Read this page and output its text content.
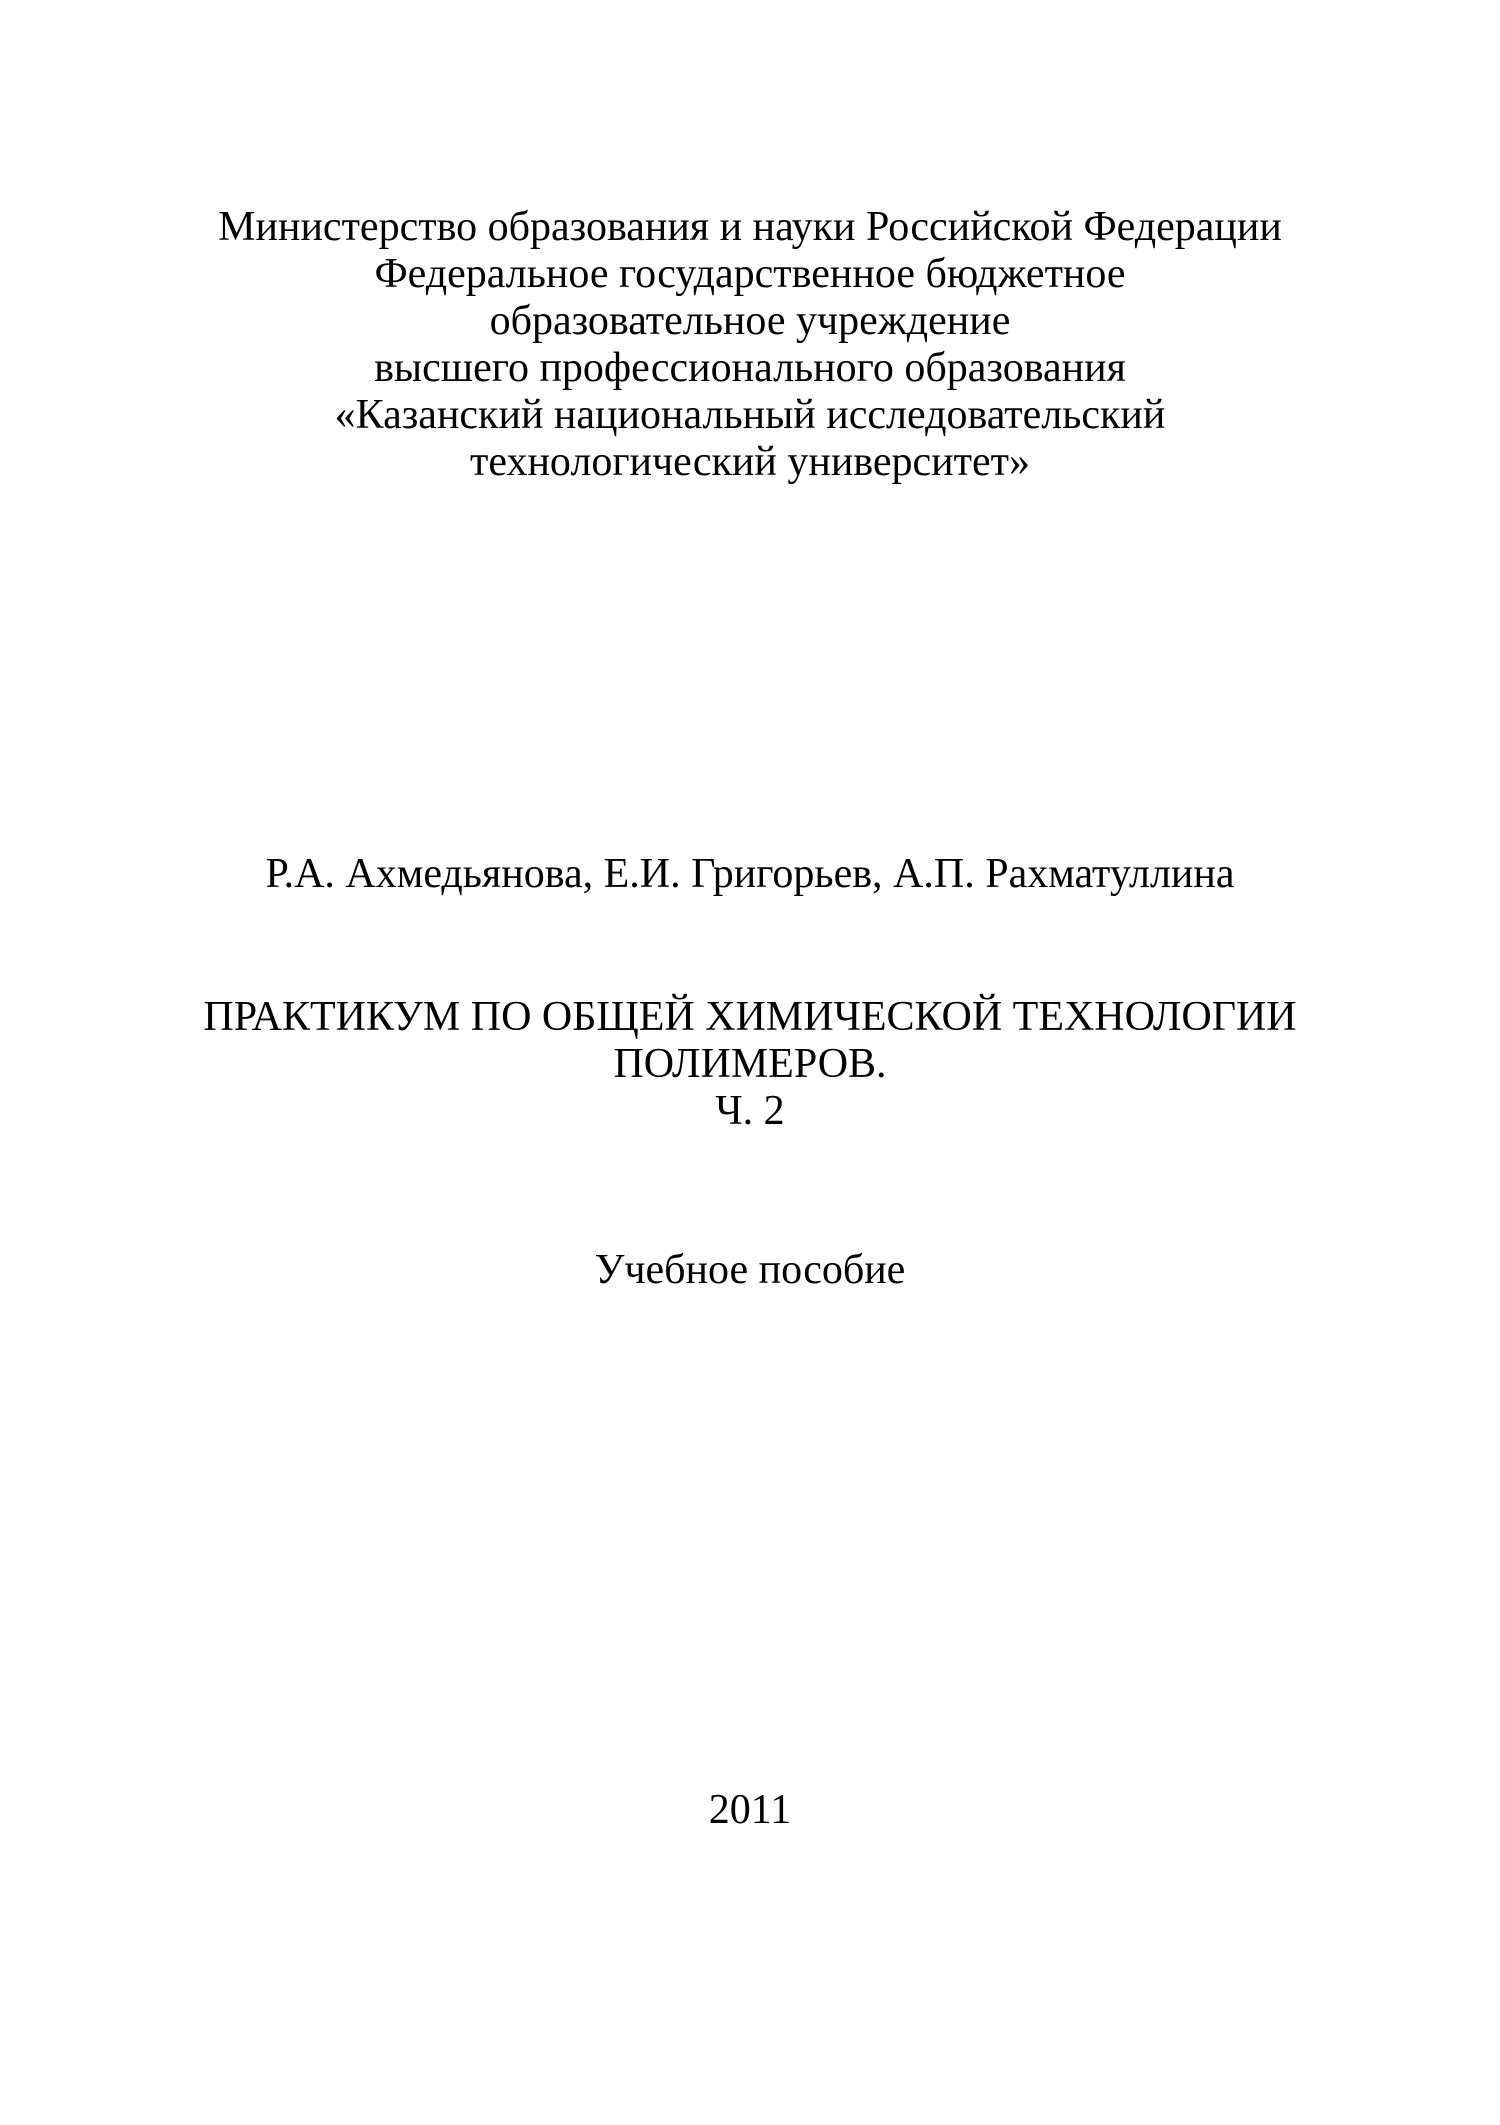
Министерство образования и науки Российской Федерации
Федеральное государственное бюджетное
образовательное учреждение
высшего профессионального образования
«Казанский национальный исследовательский
технологический университет»
Р.А. Ахмедьянова, Е.И. Григорьев, А.П. Рахматуллина
ПРАКТИКУМ ПО ОБЩЕЙ ХИМИЧЕСКОЙ ТЕХНОЛОГИИ
ПОЛИМЕРОВ.
Ч. 2
Учебное пособие
2011
